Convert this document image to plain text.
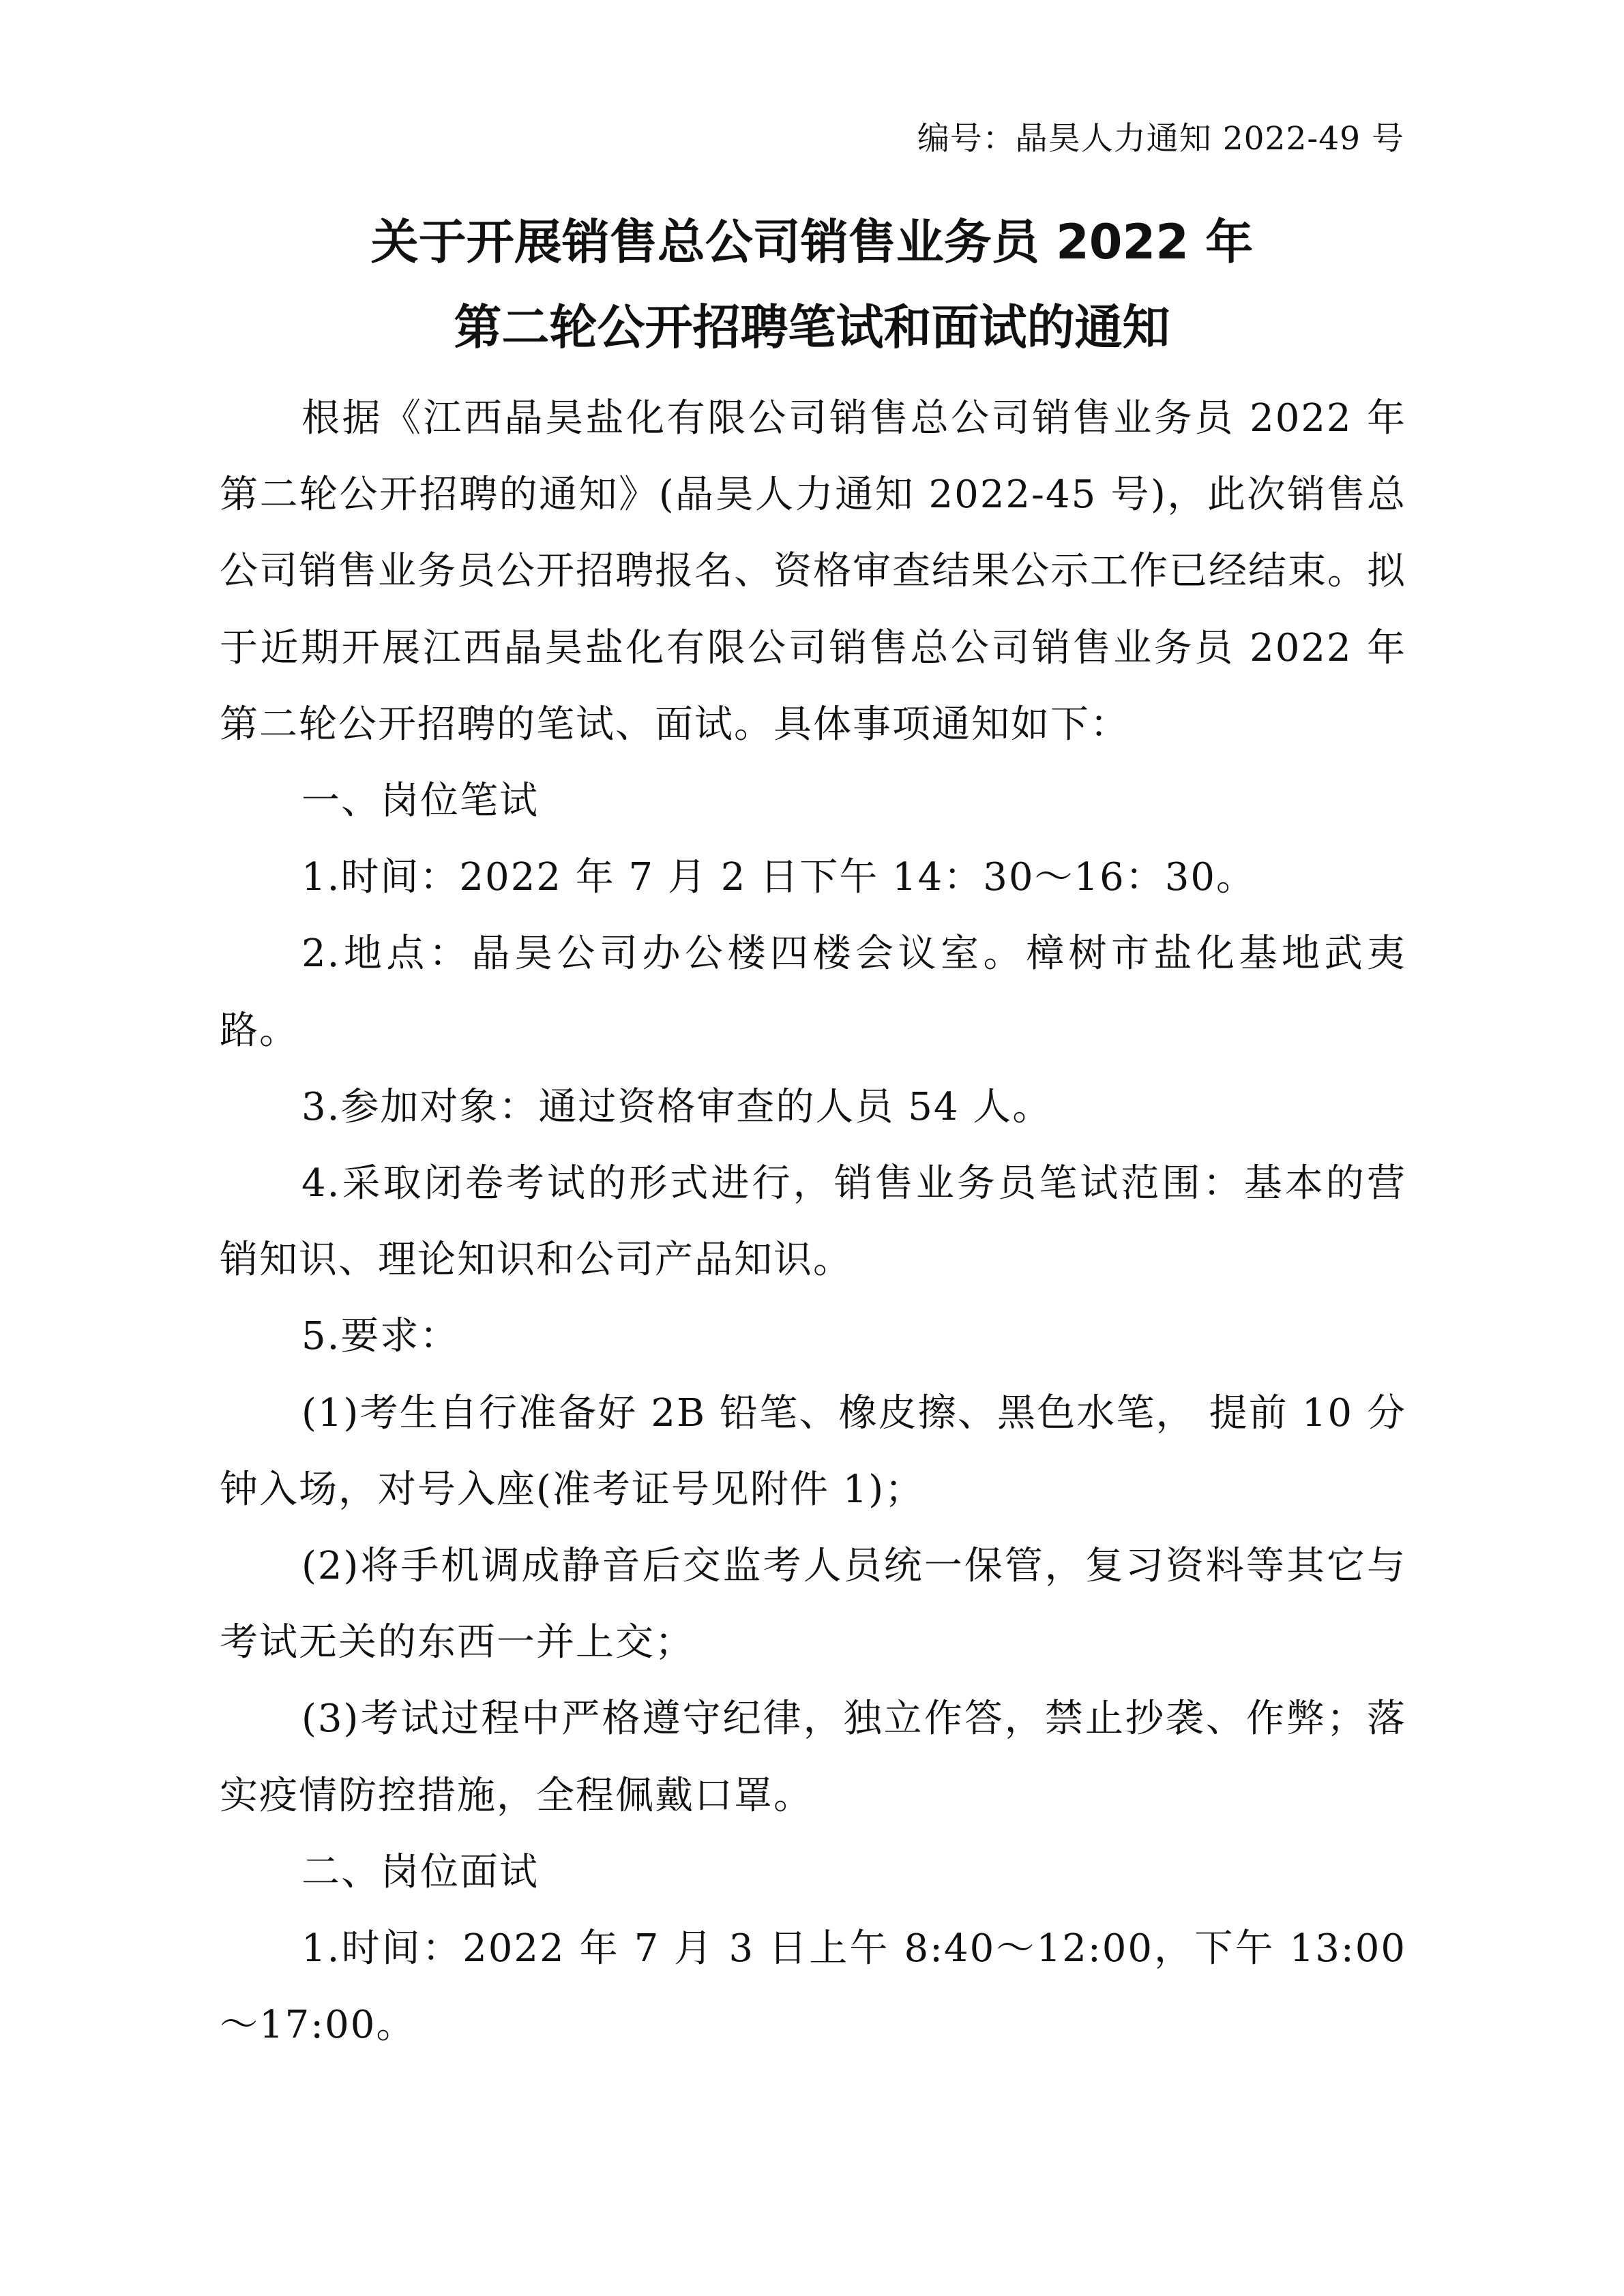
编号：晶昊人力通知 2022-49 号
关于开展销售总公司销售业务员 2022 年
第二轮公开招聘笔试和面试的通知

根据《江西晶昊盐化有限公司销售总公司销售业务员 2022 年第二轮公开招聘的通知》(晶昊人力通知 2022-45 号)，此次销售总公司销售业务员公开招聘报名、资格审查结果公示工作已经结束。拟于近期开展江西晶昊盐化有限公司销售总公司销售业务员 2022 年第二轮公开招聘的笔试、面试。具体事项通知如下：

一、岗位笔试

1.时间：2022 年 7 月 2 日下午 14：30～16：30。

2.地点：晶昊公司办公楼四楼会议室。樟树市盐化基地武夷路。

3.参加对象：通过资格审查的人员 54 人。

4.采取闭卷考试的形式进行，销售业务员笔试范围：基本的营销知识、理论知识和公司产品知识。

5.要求：

(1)考生自行准备好 2B 铅笔、橡皮擦、黑色水笔， 提前 10 分钟入场，对号入座(准考证号见附件 1)；

(2)将手机调成静音后交监考人员统一保管，复习资料等其它与考试无关的东西一并上交；

(3)考试过程中严格遵守纪律，独立作答，禁止抄袭、作弊；落实疫情防控措施，全程佩戴口罩。

二、岗位面试

1.时间：2022 年 7 月 3 日上午 8:40～12:00，下午 13:00～17:00。
